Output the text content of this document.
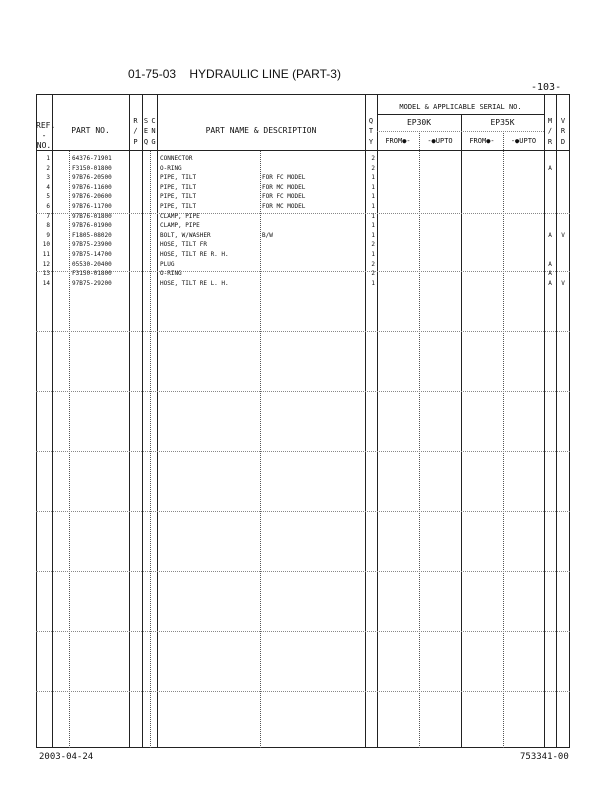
01-75-03    HYDRAULIC LINE (PART-3)
-103-
REF.
-NO.
PART NO.
R
∕
P
S
E
Q
C
N
G
PART NAME & DESCRIPTION
Q
T
Y
MODEL & APPLICABLE SERIAL NO.
EP30K	EP35K
FROM●-	-●UPTO	FROM●-	-●UPTO
M
∕
R
V
R
D
1	64376-71901	CONNECTOR	2
2	F3150-01800	O-RING	2	A
3	97B76-20500	PIPE, TILT	FOR FC MODEL	1
4	97B76-11600	PIPE, TILT	FOR MC MODEL	1
5	97B76-20600	PIPE, TILT	FOR FC MODEL	1
6	97B76-11700	PIPE, TILT	FOR MC MODEL	1
7	97B76-01800	CLAMP, PIPE	1
8	97B76-01900	CLAMP, PIPE	1
9	F1805-08020	BOLT, W/WASHER	B/W	1	A	V
10	97B75-23900	HOSE, TILT FR	2
11	97B75-14700	HOSE, TILT RE R. H.	1
12	05530-20400	PLUG	2	A
13	F3150-01800	O-RING	2	A
14	97B75-29200	HOSE, TILT RE L. H.	1	A	V
2003-04-24	753341-00
